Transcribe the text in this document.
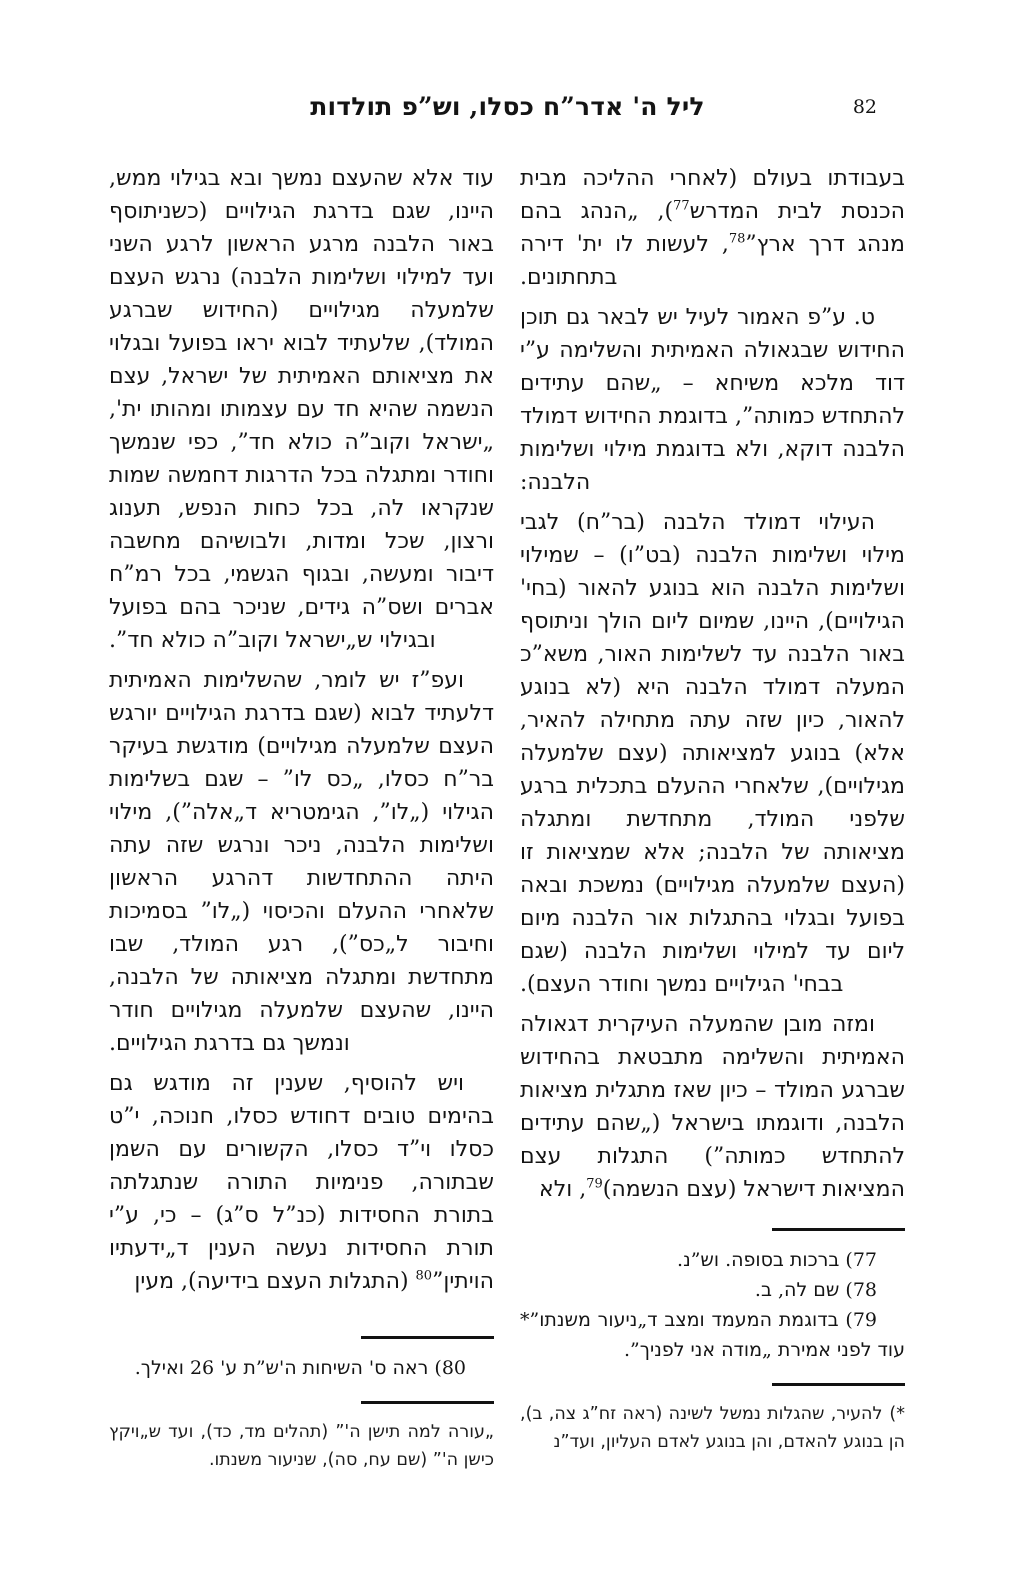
82
ליל ה' אדר”ח כסלו, וש”פ תולדות

בעבודתו בעולם (לאחרי ההליכה מבית הכנסת לבית המדרש$^{77}$), „הנהג בהם מנהג דרך ארץ”$^{78}$, לעשות לו ית' דירה בתחתונים.

ט. ע”פ האמור לעיל יש לבאר גם תוכן החידוש שבגאולה האמיתית והשלימה ע”י דוד מלכא משיחא – „שהם עתידים להתחדש כמותה”, בדוגמת החידוש דמולד הלבנה דוקא, ולא בדוגמת מילוי ושלימות הלבנה:

העילוי דמולד הלבנה (בר”ח) לגבי מילוי ושלימות הלבנה (בט”ו) – שמילוי ושלימות הלבנה הוא בנוגע להאור (בחי' הגילויים), היינו, שמיום ליום הולך וניתוסף באור הלבנה עד לשלימות האור, משא”כ המעלה דמולד הלבנה היא (לא בנוגע להאור, כיון שזה עתה מתחילה להאיר, אלא) בנוגע למציאותה (עצם שלמעלה מגילויים), שלאחרי ההעלם בתכלית ברגע שלפני המולד, מתחדשת ומתגלה מציאותה של הלבנה; אלא שמציאות זו (העצם שלמעלה מגילויים) נמשכת ובאה בפועל ובגלוי בהתגלות אור הלבנה מיום ליום עד למילוי ושלימות הלבנה (שגם בבחי' הגילויים נמשך וחודר העצם).

ומזה מובן שהמעלה העיקרית דגאולה האמיתית והשלימה מתבטאת בהחידוש שברגע המולד – כיון שאז מתגלית מציאות הלבנה, ודוגמתו בישראל („שהם עתידים להתחדש כמותה”) התגלות עצם המציאות דישראל (עצם הנשמה)$^{79}$, ולא

77) ברכות בסופה. וש”נ.

78) שם לה, ב.

79) בדוגמת המעמד ומצב ד„ניעור משנתו”* עוד לפני אמירת „מודה אני לפניך”.

*)להעיר, שהגלות נמשל לשינה (ראה זח”ג צה, ב), הן בנוגע להאדם, והן בנוגע לאדם העליון, ועד”נ

עוד אלא שהעצם נמשך ובא בגילוי ממש, היינו, שגם בדרגת הגילויים (כשניתוסף באור הלבנה מרגע הראשון לרגע השני ועד למילוי ושלימות הלבנה) נרגש העצם שלמעלה מגילויים (החידוש שברגע המולד), שלעתיד לבוא יראו בפועל ובגלוי את מציאותם האמיתית של ישראל, עצם הנשמה שהיא חד עם עצמותו ומהותו ית', „ישראל וקוב”ה כולא חד”, כפי שנמשך וחודר ומתגלה בכל הדרגות דחמשה שמות שנקראו לה, בכל כחות הנפש, תענוג ורצון, שכל ומדות, ולבושיהם מחשבה דיבור ומעשה, ובגוף הגשמי, בכל רמ”ח אברים ושס”ה גידים, שניכר בהם בפועל ובגילוי ש„ישראל וקוב”ה כולא חד”.

ועפ”ז יש לומר, שהשלימות האמיתית דלעתיד לבוא (שגם בדרגת הגילויים יורגש העצם שלמעלה מגילויים) מודגשת בעיקר בר”ח כסלו, „כס לו” – שגם בשלימות הגילוי („לו”, הגימטריא ד„אלה”), מילוי ושלימות הלבנה, ניכר ונרגש שזה עתה היתה ההתחדשות דהרגע הראשון שלאחרי ההעלם והכיסוי („לו” בסמיכות וחיבור ל„כס”), רגע המולד, שבו מתחדשת ומתגלה מציאותה של הלבנה, היינו, שהעצם שלמעלה מגילויים חודר ונמשך גם בדרגת הגילויים.

ויש להוסיף, שענין זה מודגש גם בהימים טובים דחודש כסלו, חנוכה, י”ט כסלו וי”ד כסלו, הקשורים עם השמן שבתורה, פנימיות התורה שנתגלתה בתורת החסידות (כנ”ל ס”ג) – כי, ע”י תורת החסידות נעשה הענין ד„ידעתיו הויתין”$^{80}$ (התגלות העצם בידיעה), מעין

80) ראה ס' השיחות ה'ש”ת ע' 26 ואילך.

„עורה למה תישן ה'” (תהלים מד, כד), ועד ש„ויקץ כישן ה'” (שם עח, סה), שניעור משנתו.
